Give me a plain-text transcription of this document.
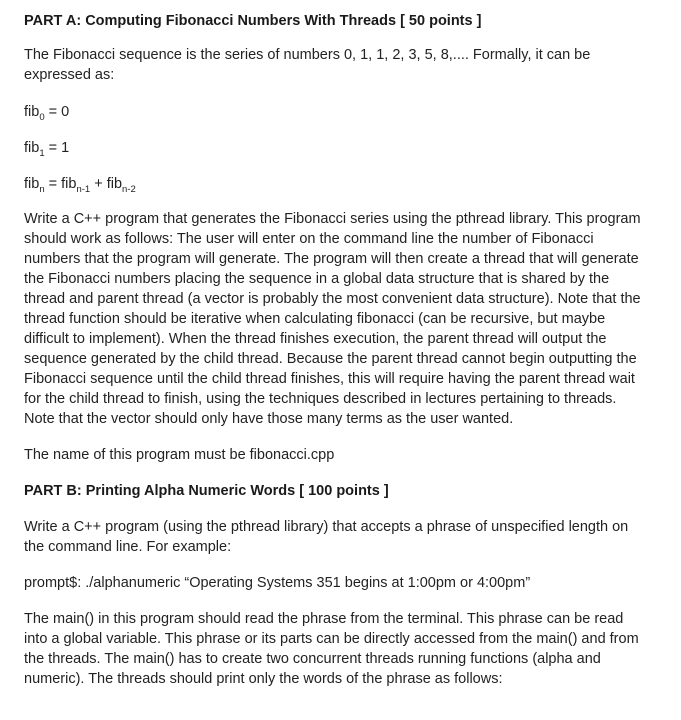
PART A: Computing Fibonacci Numbers With Threads [ 50 points ]
The Fibonacci sequence is the series of numbers 0, 1, 1, 2, 3, 5, 8,.... Formally, it can be
expressed as:
fib$_0$ = 0
fib$_1$ = 1
fib$_n$ = fib$_{n-1}$ + fib$_{n-2}$
Write a C++ program that generates the Fibonacci series using the pthread library. This program
should work as follows: The user will enter on the command line the number of Fibonacci
numbers that the program will generate. The program will then create a thread that will generate
the Fibonacci numbers placing the sequence in a global data structure that is shared by the
thread and parent thread (a vector is probably the most convenient data structure). Note that the
thread function should be iterative when calculating fibonacci (can be recursive, but maybe
difficult to implement). When the thread finishes execution, the parent thread will output the
sequence generated by the child thread. Because the parent thread cannot begin outputting the
Fibonacci sequence until the child thread finishes, this will require having the parent thread wait
for the child thread to finish, using the techniques described in lectures pertaining to threads.
Note that the vector should only have those many terms as the user wanted.
The name of this program must be fibonacci.cpp
PART B: Printing Alpha Numeric Words [ 100 points ]
Write a C++ program (using the pthread library) that accepts a phrase of unspecified length on
the command line. For example:
prompt$: ./alphanumeric “Operating Systems 351 begins at 1:00pm or 4:00pm”
The main() in this program should read the phrase from the terminal. This phrase can be read
into a global variable. This phrase or its parts can be directly accessed from the main() and from
the threads. The main() has to create two concurrent threads running functions (alpha and
numeric). The threads should print only the words of the phrase as follows:
